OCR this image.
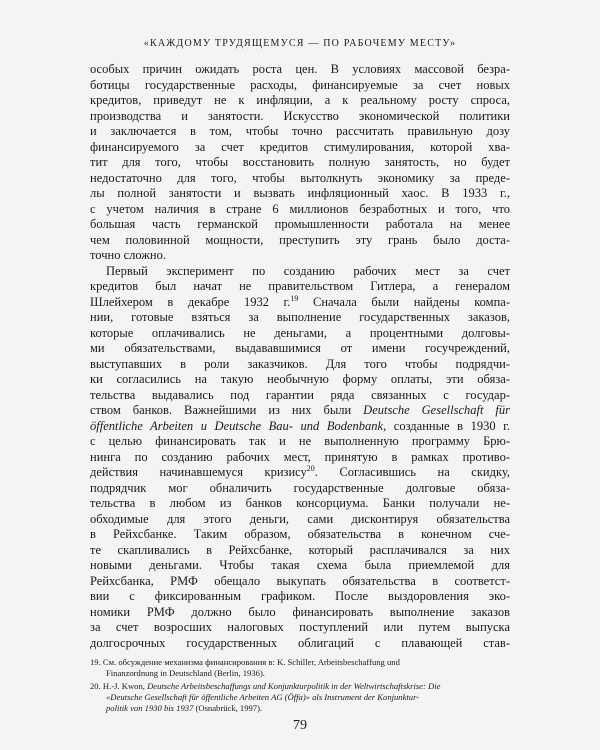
«КАЖДОМУ ТРУДЯЩЕМУСЯ — ПО РАБОЧЕМУ МЕСТУ»
особых причин ожидать роста цен. В условиях массовой безра-
ботицы государственные расходы, финансируемые за счет новых
кредитов, приведут не к инфляции, а к реальному росту спроса,
производства и занятости. Искусство экономической политики
и заключается в том, чтобы точно рассчитать правильную дозу
финансируемого за счет кредитов стимулирования, которой хва-
тит для того, чтобы восстановить полную занятость, но будет
недостаточно для того, чтобы вытолкнуть экономику за преде-
лы полной занятости и вызвать инфляционный хаос. В 1933 г.,
с учетом наличия в стране 6 миллионов безработных и того, что
большая часть германской промышленности работала на менее
чем половинной мощности, преступить эту грань было доста-
точно сложно.
Первый эксперимент по созданию рабочих мест за счет
кредитов был начат не правительством Гитлера, а генералом
Шлейхером в декабре 1932 г.$^{19}$ Сначала были найдены компа-
нии, готовые взяться за выполнение государственных заказов,
которые оплачивались не деньгами, а процентными долговы-
ми обязательствами, выдававшимися от имени госучреждений,
выступавших в роли заказчиков. Для того чтобы подрядчи-
ки согласились на такую необычную форму оплаты, эти обяза-
тельства выдавались под гарантии ряда связанных с государ-
ством банков. Важнейшими из них были Deutsche Gesellschaft für
öffentliche Arbeiten и Deutsche Bau- und Bodenbank, созданные в 1930 г.
с целью финансировать так и не выполненную программу Брю-
нинга по созданию рабочих мест, принятую в рамках противо-
действия начинавшемуся кризису$^{20}$. Согласившись на скидку,
подрядчик мог обналичить государственные долговые обяза-
тельства в любом из банков консорциума. Банки получали не-
обходимые для этого деньги, сами дисконтируя обязательства
в Рейхсбанке. Таким образом, обязательства в конечном сче-
те скапливались в Рейхсбанке, который расплачивался за них
новыми деньгами. Чтобы такая схема была приемлемой для
Рейхсбанка, РМФ обещало выкупать обязательства в соответст-
вии с фиксированным графиком. После выздоровления эко-
номики РМФ должно было финансировать выполнение заказов
за счет возросших налоговых поступлений или путем выпуска
долгосрочных государственных облигаций с плавающей став-
19. См. обсуждение механизма финансирования в: K. Schiller, Arbeitsbeschaffung und
Finanzordnung in Deutschland (Berlin, 1936).
20. H.-J. Kwon, Deutsche Arbeitsbeschaffungs und Konjunkturpolitik in der Weltwirtschaftskrise: Die
«Deutsche Gesellschaft für öffentliche Arbeiten AG (Öffa)» als Instrument der Konjunktur-
politik von 1930 bis 1937 (Osnabrück, 1997).
79
